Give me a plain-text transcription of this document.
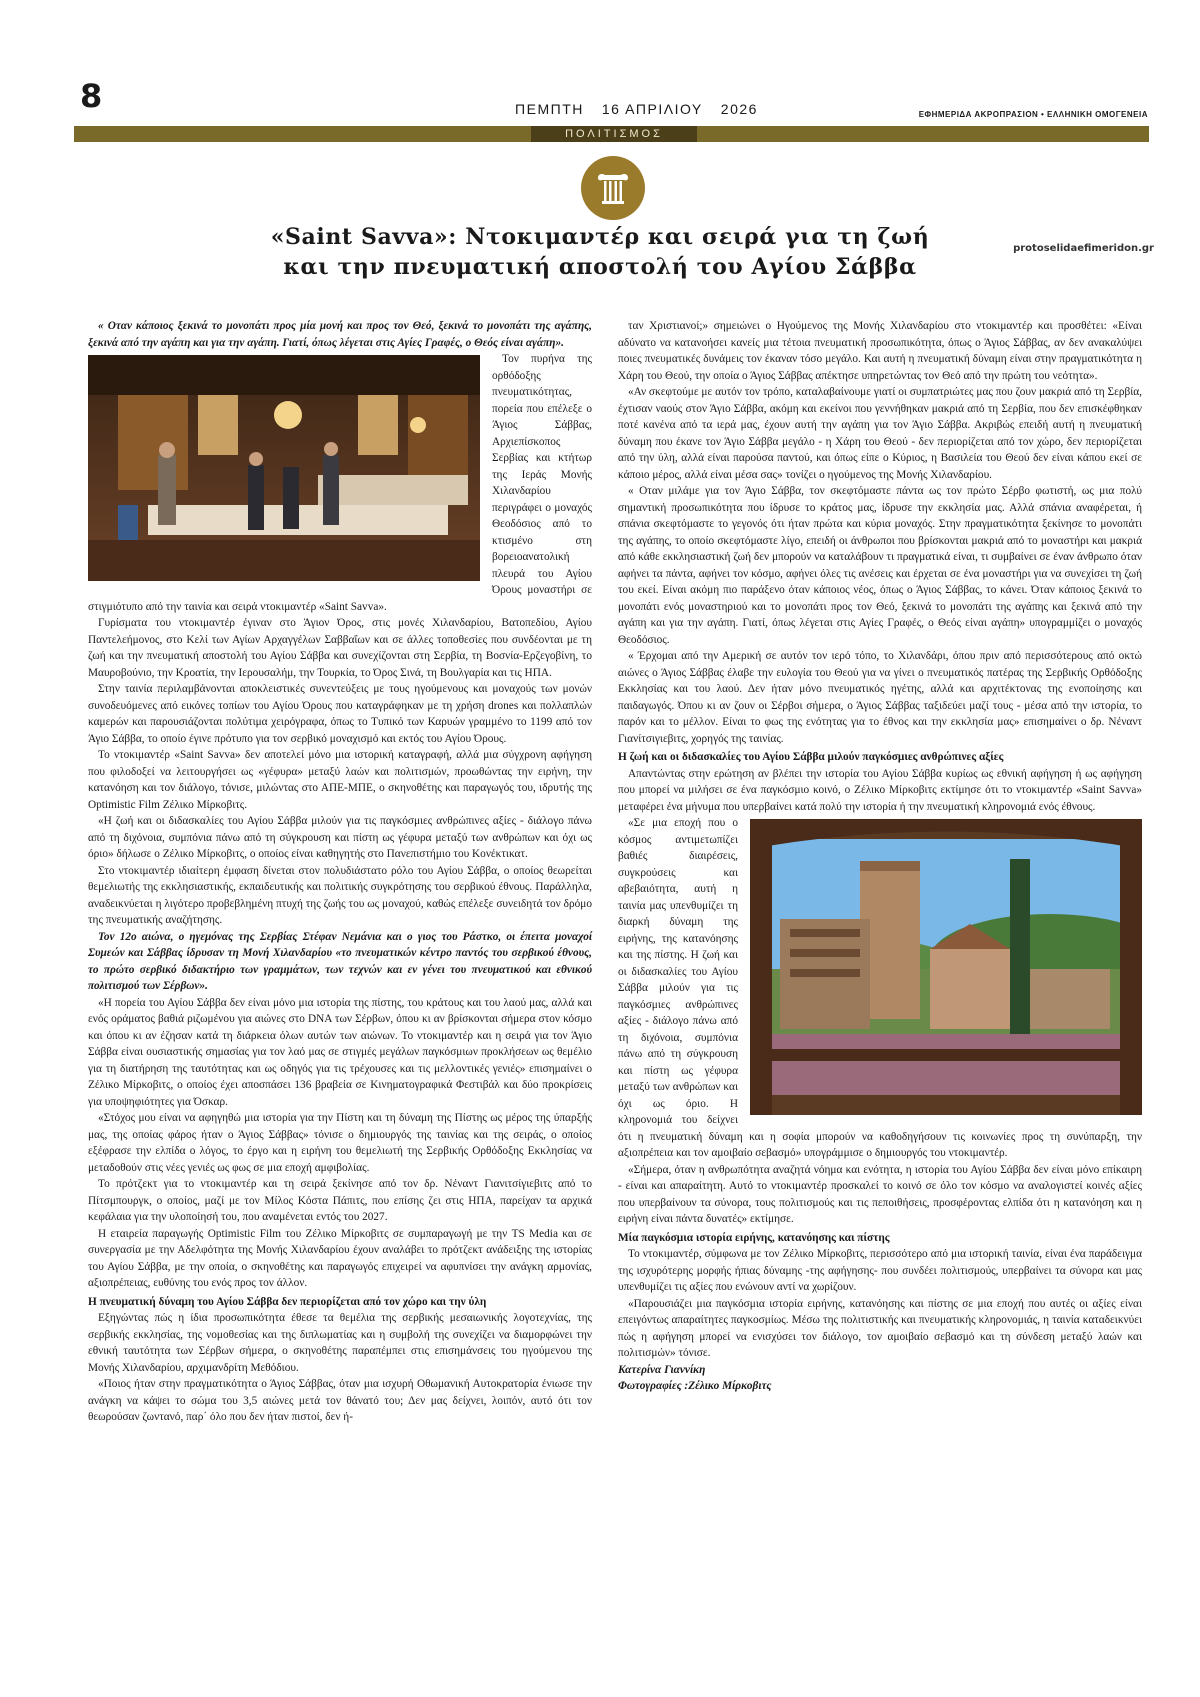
8	ΠΕΜΠΤΗ 16 ΑΠΡΙΛΙΟΥ 2026	ΕΦΗΜΕΡΙΔΑ ΑΚΡΟΠΡΑΣΙΟΝ • ΕΛΛΗΝΙΚΗ ΟΜΟΓΕΝΕΙΑ
ΠΟΛΙΤΙΣΜΟΣ
«Saint Savva»: Ντοκιμαντέρ και σειρά για τη ζωή
και την πνευματική αποστολή του Αγίου Σάββα
protoselidaefimeridon.gr

« Οταν κάποιος ξεκινά το μονοπάτι προς μία μονή και προς τον Θεό, ξεκινά το μονοπάτι της αγάπης, ξεκινά από την αγάπη και για την αγάπη. Γιατί, όπως λέγεται στις Αγίες Γραφές, ο Θεός είναι αγάπη».

Τον πυρήνα της ορθόδοξης πνευματικότητας, πορεία που επέλεξε ο Άγιος Σάββας, Αρχιεπίσκοπος Σερβίας και κτήτωρ της Ιεράς Μονής Χιλανδαρίου περιγράφει ο μοναχός Θεοδόσιος από το κτισμένο στη βορειοανατολική πλευρά του Αγίου Όρους μοναστήρι σε στιγμιότυπο από την ταινία και σειρά ντοκιμαντέρ «Saint Savva».

Γυρίσματα του ντοκιμαντέρ έγιναν στο Άγιον Όρος, στις μονές Χιλανδαρίου, Βατοπεδίου, Αγίου Παντελεήμονος, στο Κελί των Αγίων Αρχαγγέλων Σαββαΐων και σε άλλες τοποθεσίες που συνδέονται με τη ζωή και την πνευματική αποστολή του Αγίου Σάββα και συνεχίζονται στη Σερβία, τη Βοσνία-Ερζεγοβίνη, το Μαυροβούνιο, την Κροατία, την Ιερουσαλήμ, την Τουρκία, το Όρος Σινά, τη Βουλγαρία και τις ΗΠΑ.

Στην ταινία περιλαμβάνονται αποκλειστικές συνεντεύξεις με τους ηγούμενους και μοναχούς των μονών συνοδευόμενες από εικόνες τοπίων του Αγίου Όρους που καταγράφηκαν με τη χρήση drones και πολλαπλών καμερών και παρουσιάζονται πολύτιμα χειρόγραφα, όπως το Τυπικό των Καρυών γραμμένο το 1199 από τον Άγιο Σάββα, το οποίο έγινε πρότυπο για τον σερβικό μοναχισμό και εκτός του Αγίου Όρους.

Το ντοκιμαντέρ «Saint Savva» δεν αποτελεί μόνο μια ιστορική καταγραφή, αλλά μια σύγχρονη αφήγηση που φιλοδοξεί να λειτουργήσει ως «γέφυρα» μεταξύ λαών και πολιτισμών, προωθώντας την ειρήνη, την κατανόηση και τον διάλογο, τόνισε, μιλώντας στο ΑΠΕ-ΜΠΕ, ο σκηνοθέτης και παραγωγός του, ιδρυτής της Optimistic Film Ζέλικο Μίρκοβιτς.

«Η ζωή και οι διδασκαλίες του Αγίου Σάββα μιλούν για τις παγκόσμιες ανθρώπινες αξίες - διάλογο πάνω από τη διχόνοια, συμπόνια πάνω από τη σύγκρουση και πίστη ως γέφυρα μεταξύ των ανθρώπων και όχι ως όριο» δήλωσε ο Ζέλικο Μίρκοβιτς, ο οποίος είναι καθηγητής στο Πανεπιστήμιο του Κονέκτικατ.

Στο ντοκιμαντέρ ιδιαίτερη έμφαση δίνεται στον πολυδιάστατο ρόλο του Αγίου Σάββα, ο οποίος θεωρείται θεμελιωτής της εκκλησιαστικής, εκπαιδευτικής και πολιτικής συγκρότησης του σερβικού έθνους. Παράλληλα, αναδεικνύεται η λιγότερο προβεβλημένη πτυχή της ζωής του ως μοναχού, καθώς επέλεξε συνειδητά τον δρόμο της πνευματικής αναζήτησης.

Τον 12ο αιώνα, ο ηγεμόνας της Σερβίας Στέφαν Νεμάνια και ο γιος του Ράστκο, οι έπειτα μοναχοί Συμεών και Σάββας ίδρυσαν τη Μονή Χιλανδαρίου «το πνευματικών κέντρο παντός του σερβικού έθνους, το πρώτο σερβικό διδακτήριο των γραμμάτων, των τεχνών και εν γένει του πνευματικού και εθνικού πολιτισμού των Σέρβων».

«Η πορεία του Αγίου Σάββα δεν είναι μόνο μια ιστορία της πίστης, του κράτους και του λαού μας, αλλά και ενός οράματος βαθιά ριζωμένου για αιώνες στο DNA των Σέρβων, όπου κι αν βρίσκονται σήμερα στον κόσμο και όπου κι αν έζησαν κατά τη διάρκεια όλων αυτών των αιώνων. Το ντοκιμαντέρ και η σειρά για τον Άγιο Σάββα είναι ουσιαστικής σημασίας για τον λαό μας σε στιγμές μεγάλων παγκόσμιων προκλήσεων ως θεμέλιο για τη διατήρηση της ταυτότητας και ως οδηγός για τις τρέχουσες και τις μελλοντικές γενιές» επισημαίνει ο Ζέλικο Μίρκοβιτς, ο οποίος έχει αποσπάσει 136 βραβεία σε Κινηματογραφικά Φεστιβάλ και δύο προκρίσεις για υποψηφιότητες για Όσκαρ.

«Στόχος μου είναι να αφηγηθώ μια ιστορία για την Πίστη και τη δύναμη της Πίστης ως μέρος της ύπαρξής μας, της οποίας φάρος ήταν ο Άγιος Σάββας» τόνισε ο δημιουργός της ταινίας και της σειράς, ο οποίος εξέφρασε την ελπίδα ο λόγος, το έργο και η ειρήνη του θεμελιωτή της Σερβικής Ορθόδοξης Εκκλησίας να μεταδοθούν στις νέες γενιές ως φως σε μια εποχή αμφιβολίας.

Το πρότζεκτ για το ντοκιμαντέρ και τη σειρά ξεκίνησε από τον δρ. Νέναντ Γιανιτσίγιεβιτς από το Πίτσμπουργκ, ο οποίος, μαζί με τον Μίλος Κόστα Πάπιτς, που επίσης ζει στις ΗΠΑ, παρείχαν τα αρχικά κεφάλαια για την υλοποίησή του, που αναμένεται εντός του 2027.

Η εταιρεία παραγωγής Optimistic Film του Ζέλικο Μίρκοβιτς σε συμπαραγωγή με την TS Media και σε συνεργασία με την Αδελφότητα της Μονής Χιλανδαρίου έχουν αναλάβει το πρότζεκτ ανάδειξης της ιστορίας του Αγίου Σάββα, με την οποία, ο σκηνοθέτης και παραγωγός επιχειρεί να αφυπνίσει την ανάγκη αρμονίας, αξιοπρέπειας, ευθύνης του ενός προς τον άλλον.

Η πνευματική δύναμη του Αγίου Σάββα δεν περιορίζεται από τον χώρο και την ύλη

Εξηγώντας πώς η ίδια προσωπικότητα έθεσε τα θεμέλια της σερβικής μεσαιωνικής λογοτεχνίας, της σερβικής εκκλησίας, της νομοθεσίας και της διπλωματίας και η συμβολή της συνεχίζει να διαμορφώνει την εθνική ταυτότητα των Σέρβων σήμερα, ο σκηνοθέτης παραπέμπει στις επισημάνσεις του ηγούμενου της Μονής Χιλανδαρίου, αρχιμανδρίτη Μεθόδιου.

«Ποιος ήταν στην πραγματικότητα ο Άγιος Σάββας, όταν μια ισχυρή Οθωμανική Αυτοκρατορία ένιωσε την ανάγκη να κάψει το σώμα του 3,5 αιώνες μετά τον θάνατό του; Δεν μας δείχνει, λοιπόν, αυτό ότι τον θεωρούσαν ζωντανό, παρ΄ όλο που δεν ήταν πιστοί, δεν ή-

ταν Χριστιανοί;» σημειώνει ο Ηγούμενος της Μονής Χιλανδαρίου στο ντοκιμαντέρ και προσθέτει: «Είναι αδύνατο να κατανοήσει κανείς μια τέτοια πνευματική προσωπικότητα, όπως ο Άγιος Σάββας, αν δεν ανακαλύψει ποιες πνευματικές δυνάμεις τον έκαναν τόσο μεγάλο. Και αυτή η πνευματική δύναμη είναι στην πραγματικότητα η Χάρη του Θεού, την οποία ο Άγιος Σάββας απέκτησε υπηρετώντας τον Θεό από την πρώτη του νεότητα».

«Αν σκεφτούμε με αυτόν τον τρόπο, καταλαβαίνουμε γιατί οι συμπατριώτες μας που ζουν μακριά από τη Σερβία, έχτισαν ναούς στον Άγιο Σάββα, ακόμη και εκείνοι που γεννήθηκαν μακριά από τη Σερβία, που δεν επισκέφθηκαν ποτέ κανένα από τα ιερά μας, έχουν αυτή την αγάπη για τον Άγιο Σάββα. Ακριβώς επειδή αυτή η πνευματική δύναμη που έκανε τον Άγιο Σάββα μεγάλο - η Χάρη του Θεού - δεν περιορίζεται από τον χώρο, δεν περιορίζεται από την ύλη, αλλά είναι παρούσα παντού, και όπως είπε ο Κύριος, η Βασιλεία του Θεού δεν είναι κάπου εκεί σε κάποιο μέρος, αλλά είναι μέσα σας» τονίζει ο ηγούμενος της Μονής Χιλανδαρίου.

« Οταν μιλάμε για τον Άγιο Σάββα, τον σκεφτόμαστε πάντα ως τον πρώτο Σέρβο φωτιστή, ως μια πολύ σημαντική προσωπικότητα που ίδρυσε το κράτος μας, ίδρυσε την εκκλησία μας. Αλλά σπάνια αναφέρεται, ή σπάνια σκεφτόμαστε το γεγονός ότι ήταν πρώτα και κύρια μοναχός. Στην πραγματικότητα ξεκίνησε το μονοπάτι της αγάπης, το οποίο σκεφτόμαστε λίγο, επειδή οι άνθρωποι που βρίσκονται μακριά από το μοναστήρι και μακριά από κάθε εκκλησιαστική ζωή δεν μπορούν να καταλάβουν τι πραγματικά είναι, τι συμβαίνει σε έναν άνθρωπο όταν αφήνει τα πάντα, αφήνει τον κόσμο, αφήνει όλες τις ανέσεις και έρχεται σε ένα μοναστήρι για να συνεχίσει τη ζωή του εκεί. Είναι ακόμη πιο παράξενο όταν κάποιος νέος, όπως ο Άγιος Σάββας, το κάνει. Όταν κάποιος ξεκινά το μονοπάτι ενός μοναστηριού και το μονοπάτι προς τον Θεό, ξεκινά το μονοπάτι της αγάπης και ξεκινά από την αγάπη και για την αγάπη. Γιατί, όπως λέγεται στις Αγίες Γραφές, ο Θεός είναι αγάπη» υπογραμμίζει ο μοναχός Θεοδόσιος.

« Έρχομαι από την Αμερική σε αυτόν τον ιερό τόπο, το Χιλανδάρι, όπου πριν από περισσότερους από οκτώ αιώνες ο Άγιος Σάββας έλαβε την ευλογία του Θεού για να γίνει ο πνευματικός πατέρας της Σερβικής Ορθόδοξης Εκκλησίας και του λαού. Δεν ήταν μόνο πνευματικός ηγέτης, αλλά και αρχιτέκτονας της ενοποίησης και παιδαγωγός. Όπου κι αν ζουν οι Σέρβοι σήμερα, ο Άγιος Σάββας ταξιδεύει μαζί τους - μέσα από την ιστορία, το παρόν και το μέλλον. Είναι το φως της ενότητας για το έθνος και την εκκλησία μας» επισημαίνει ο δρ. Νέναντ Γιανίτσιγιεβιτς, χορηγός της ταινίας.

Η ζωή και οι διδασκαλίες του Αγίου Σάββα μιλούν παγκόσμιες ανθρώπινες αξίες

Απαντώντας στην ερώτηση αν βλέπει την ιστορία του Αγίου Σάββα κυρίως ως εθνική αφήγηση ή ως αφήγηση που μπορεί να μιλήσει σε ένα παγκόσμιο κοινό, ο Ζέλικο Μίρκοβιτς εκτίμησε ότι το ντοκιμαντέρ «Saint Savva» μεταφέρει ένα μήνυμα που υπερβαίνει κατά πολύ την ιστορία ή την πνευματική κληρονομιά ενός έθνους.

«Σε μια εποχή που ο κόσμος αντιμετωπίζει βαθιές διαιρέσεις, συγκρούσεις και αβεβαιότητα, αυτή η ταινία μας υπενθυμίζει τη διαρκή δύναμη της ειρήνης, της κατανόησης και της πίστης. Η ζωή και οι διδασκαλίες του Αγίου Σάββα μιλούν για τις παγκόσμιες ανθρώπινες αξίες - διάλογο πάνω από τη διχόνοια, συμπόνια πάνω από τη σύγκρουση και πίστη ως γέφυρα μεταξύ των ανθρώπων και όχι ως όριο. Η κληρονομιά του δείχνει ότι η πνευματική δύναμη και η σοφία μπορούν να καθοδηγήσουν τις κοινωνίες προς τη συνύπαρξη, την αξιοπρέπεια και τον αμοιβαίο σεβασμό» υπογράμμισε ο δημιουργός του ντοκιμαντέρ.

«Σήμερα, όταν η ανθρωπότητα αναζητά νόημα και ενότητα, η ιστορία του Αγίου Σάββα δεν είναι μόνο επίκαιρη - είναι και απαραίτητη. Αυτό το ντοκιμαντέρ προσκαλεί το κοινό σε όλο τον κόσμο να αναλογιστεί κοινές αξίες που υπερβαίνουν τα σύνορα, τους πολιτισμούς και τις πεποιθήσεις, προσφέροντας ελπίδα ότι η κατανόηση και η ειρήνη είναι πάντα δυνατές» εκτίμησε.

Μία παγκόσμια ιστορία ειρήνης, κατανόησης και πίστης

Το ντοκιμαντέρ, σύμφωνα με τον Ζέλικο Μίρκοβιτς, περισσότερο από μια ιστορική ταινία, είναι ένα παράδειγμα της ισχυρότερης μορφής ήπιας δύναμης -της αφήγησης- που συνδέει πολιτισμούς, υπερβαίνει τα σύνορα και μας υπενθυμίζει τις αξίες που ενώνουν αντί να χωρίζουν.

«Παρουσιάζει μια παγκόσμια ιστορία ειρήνης, κατανόησης και πίστης σε μια εποχή που αυτές οι αξίες είναι επειγόντως απαραίτητες παγκοσμίως. Μέσω της πολιτιστικής και πνευματικής κληρονομιάς, η ταινία καταδεικνύει πώς η αφήγηση μπορεί να ενισχύσει τον διάλογο, τον αμοιβαίο σεβασμό και τη σύνδεση μεταξύ λαών και πολιτισμών» τόνισε.

Κατερίνα Γιαννίκη

Φωτογραφίες :Ζέλικο Μίρκοβιτς
